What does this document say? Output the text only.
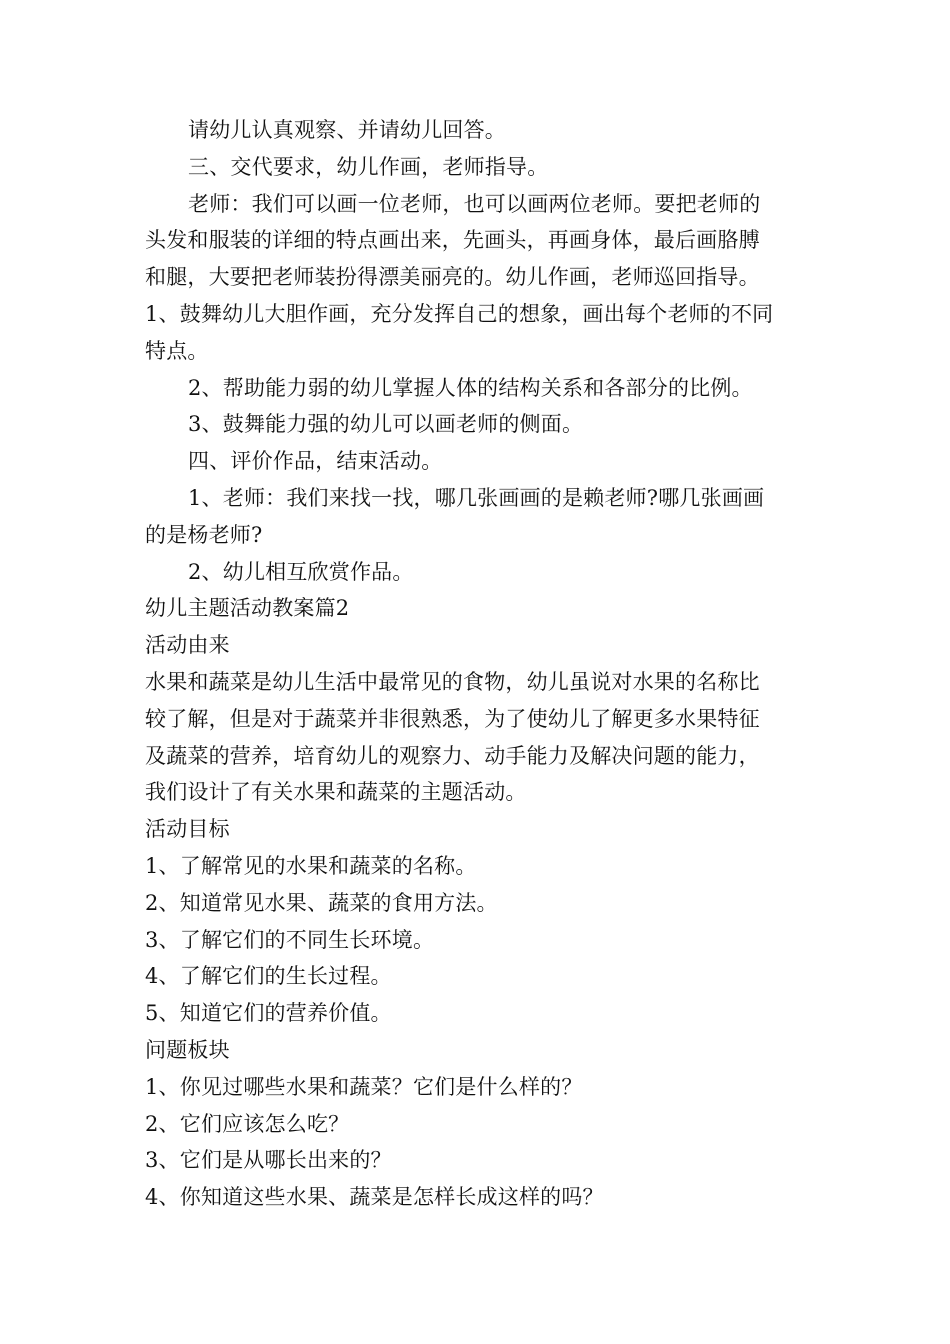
请幼儿认真观察、并请幼儿回答。
三、交代要求，幼儿作画，老师指导。
老师：我们可以画一位老师，也可以画两位老师。要把老师的
头发和服装的详细的特点画出来，先画头，再画身体，最后画胳膊
和腿，大要把老师装扮得漂美丽亮的。幼儿作画，老师巡回指导。
1、鼓舞幼儿大胆作画，充分发挥自己的想象，画出每个老师的不同
特点。
2、帮助能力弱的幼儿掌握人体的结构关系和各部分的比例。
3、鼓舞能力强的幼儿可以画老师的侧面。
四、评价作品，结束活动。
1、老师：我们来找一找，哪几张画画的是赖老师?哪几张画画
的是杨老师?
2、幼儿相互欣赏作品。
幼儿主题活动教案篇2
活动由来
水果和蔬菜是幼儿生活中最常见的食物，幼儿虽说对水果的名称比
较了解，但是对于蔬菜并非很熟悉，为了使幼儿了解更多水果特征
及蔬菜的营养，培育幼儿的观察力、动手能力及解决问题的能力，
我们设计了有关水果和蔬菜的主题活动。
活动目标
1、了解常见的水果和蔬菜的名称。
2、知道常见水果、蔬菜的食用方法。
3、了解它们的不同生长环境。
4、了解它们的生长过程。
5、知道它们的营养价值。
问题板块
1、你见过哪些水果和蔬菜？它们是什么样的？
2、它们应该怎么吃？
3、它们是从哪长出来的？
4、你知道这些水果、蔬菜是怎样长成这样的吗？
